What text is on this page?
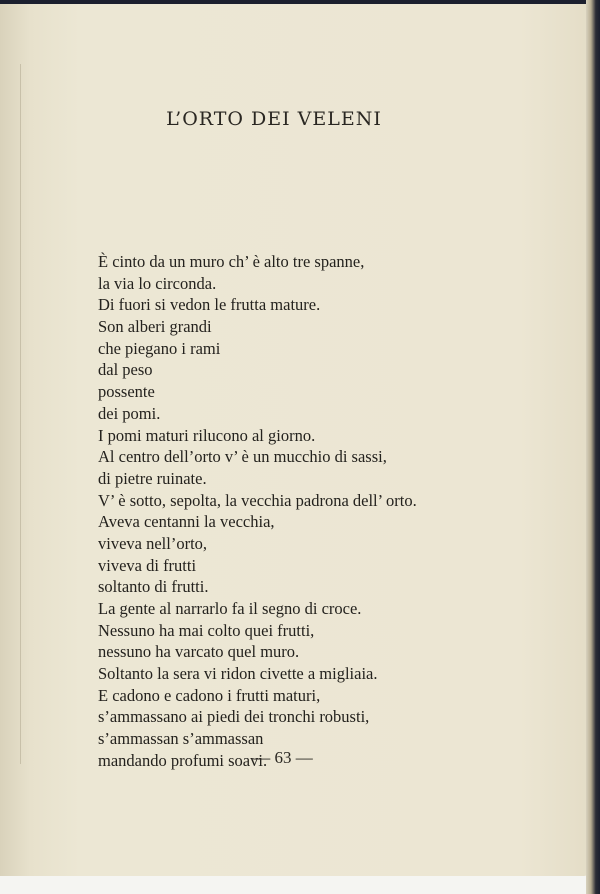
L’ORTO DEI VELENI
È cinto da un muro ch’ è alto tre spanne,
la via lo circonda.
Di fuori si vedon le frutta mature.
Son alberi grandi
che piegano i rami
dal peso
possente
dei pomi.
I pomi maturi rilucono al giorno.
Al centro dell’orto v’ è un mucchio di sassi,
di pietre ruinate.
V’ è sotto, sepolta, la vecchia padrona dell’ orto.
Aveva centanni la vecchia,
viveva nell’orto,
viveva di frutti
soltanto di frutti.
La gente al narrarlo fa il segno di croce.
Nessuno ha mai colto quei frutti,
nessuno ha varcato quel muro.
Soltanto la sera vi ridon civette a migliaia.
E cadono e cadono i frutti maturi,
s’ammassano ai piedi dei tronchi robusti,
s’ammassan s’ammassan
mandando profumi soavi.
— 63 —
